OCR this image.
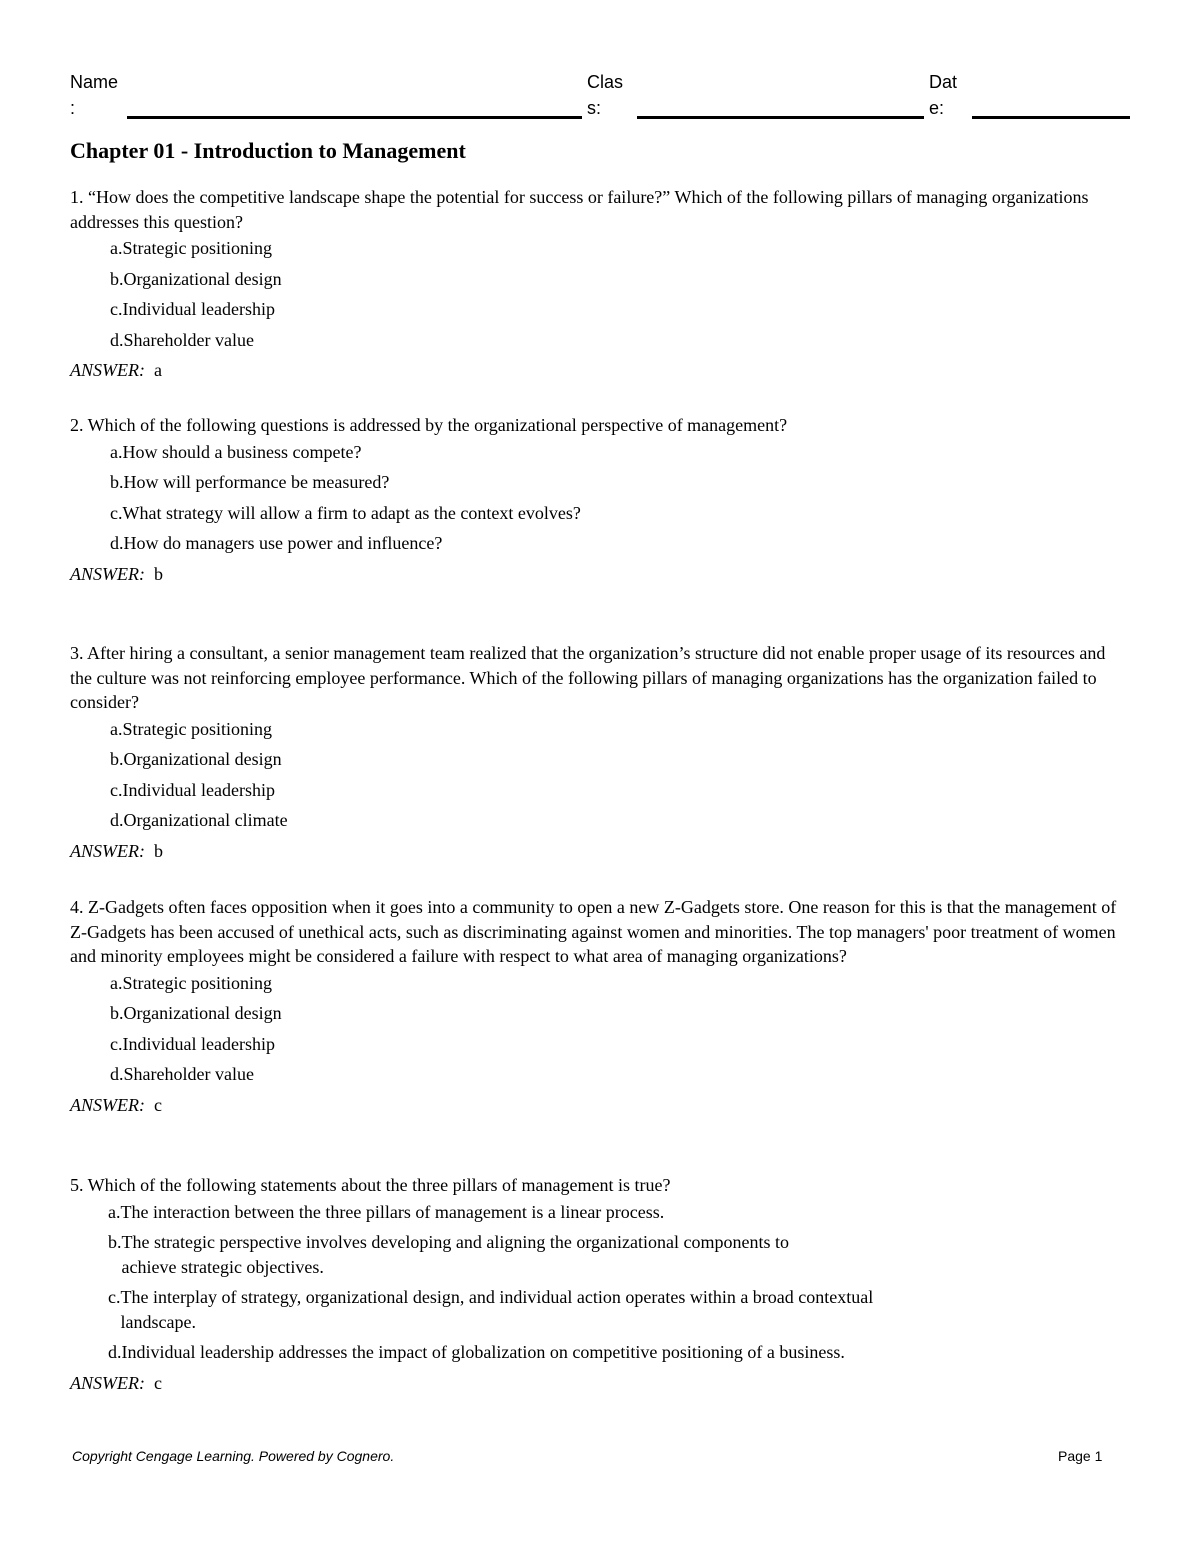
Name
:
Clas
s:
Dat
e:
Chapter 01 - Introduction to Management

1. “How does the competitive landscape shape the potential for success or failure?” Which of the following pillars of managing organizations addresses this question?

a. Strategic positioning
b. Organizational design
c. Individual leadership
d. Shareholder value
ANSWER: a

2. Which of the following questions is addressed by the organizational perspective of management?

a. How should a business compete?
b. How will performance be measured?
c. What strategy will allow a firm to adapt as the context evolves?
d. How do managers use power and influence?
ANSWER: b

3. After hiring a consultant, a senior management team realized that the organization’s structure did not enable proper usage of its resources and the culture was not reinforcing employee performance. Which of the following pillars of managing organizations has the organization failed to consider?

a. Strategic positioning
b. Organizational design
c. Individual leadership
d. Organizational climate
ANSWER: b

4. Z-Gadgets often faces opposition when it goes into a community to open a new Z-Gadgets store. One reason for this is that the management of Z-Gadgets has been accused of unethical acts, such as discriminating against women and minorities. The top managers' poor treatment of women and minority employees might be considered a failure with respect to what area of managing organizations?

a. Strategic positioning
b. Organizational design
c. Individual leadership
d. Shareholder value
ANSWER: c

5. Which of the following statements about the three pillars of management is true?

a. The interaction between the three pillars of management is a linear process.
b. The strategic perspective involves developing and aligning the organizational components to achieve strategic objectives.
c. The interplay of strategy, organizational design, and individual action operates within a broad contextual landscape.
d. Individual leadership addresses the impact of globalization on competitive positioning of a business.
ANSWER: c
Copyright Cengage Learning. Powered by Cognero.	Page 1
